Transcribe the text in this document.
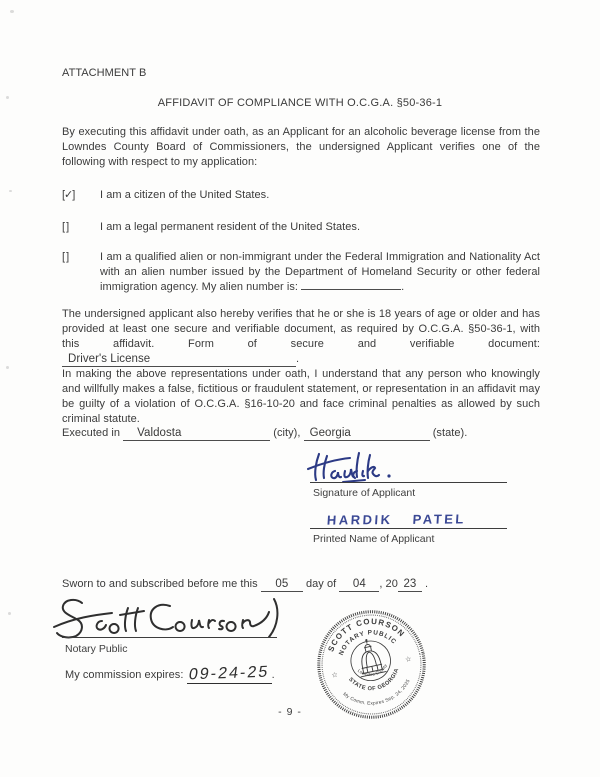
ATTACHMENT B
AFFIDAVIT OF COMPLIANCE WITH O.C.G.A. §50-36-1
By executing this affidavit under oath, as an Applicant for an alcoholic beverage license from the Lowndes County Board of Commissioners, the undersigned Applicant verifies one of the following with respect to my application:
[✓]	I am a citizen of the United States.
[ ]	I am a legal permanent resident of the United States.
[ ]	I am a qualified alien or non-immigrant under the Federal Immigration and Nationality Act with an alien number issued by the Department of Homeland Security or other federal immigration agency. My alien number is:	.
The undersigned applicant also hereby verifies that he or she is 18 years of age or older and has provided at least one secure and verifiable document, as required by O.C.G.A. §50-36-1, with this affidavit. Form of secure and verifiable document: Driver's License	.
In making the above representations under oath, I understand that any person who knowingly and willfully makes a false, fictitious or fraudulent statement, or representation in an affidavit may be guilty of a violation of O.C.G.A. §16-10-20 and face criminal penalties as allowed by such criminal statute.
Executed in Valdosta	(city), Georgia	(state).
Signature of Applicant
HARDIK PATEL
Printed Name of Applicant
Sworn to and subscribed before me this 05 day of 04 , 20 23 .
Notary Public
My commission expires: 09-24-25 .
SCOTT COURSON
NOTARY PUBLIC
Lowndes County
STATE OF GEORGIA
My Comm. Expires Sep. 24, 2025
☆
☆
- 9 -
